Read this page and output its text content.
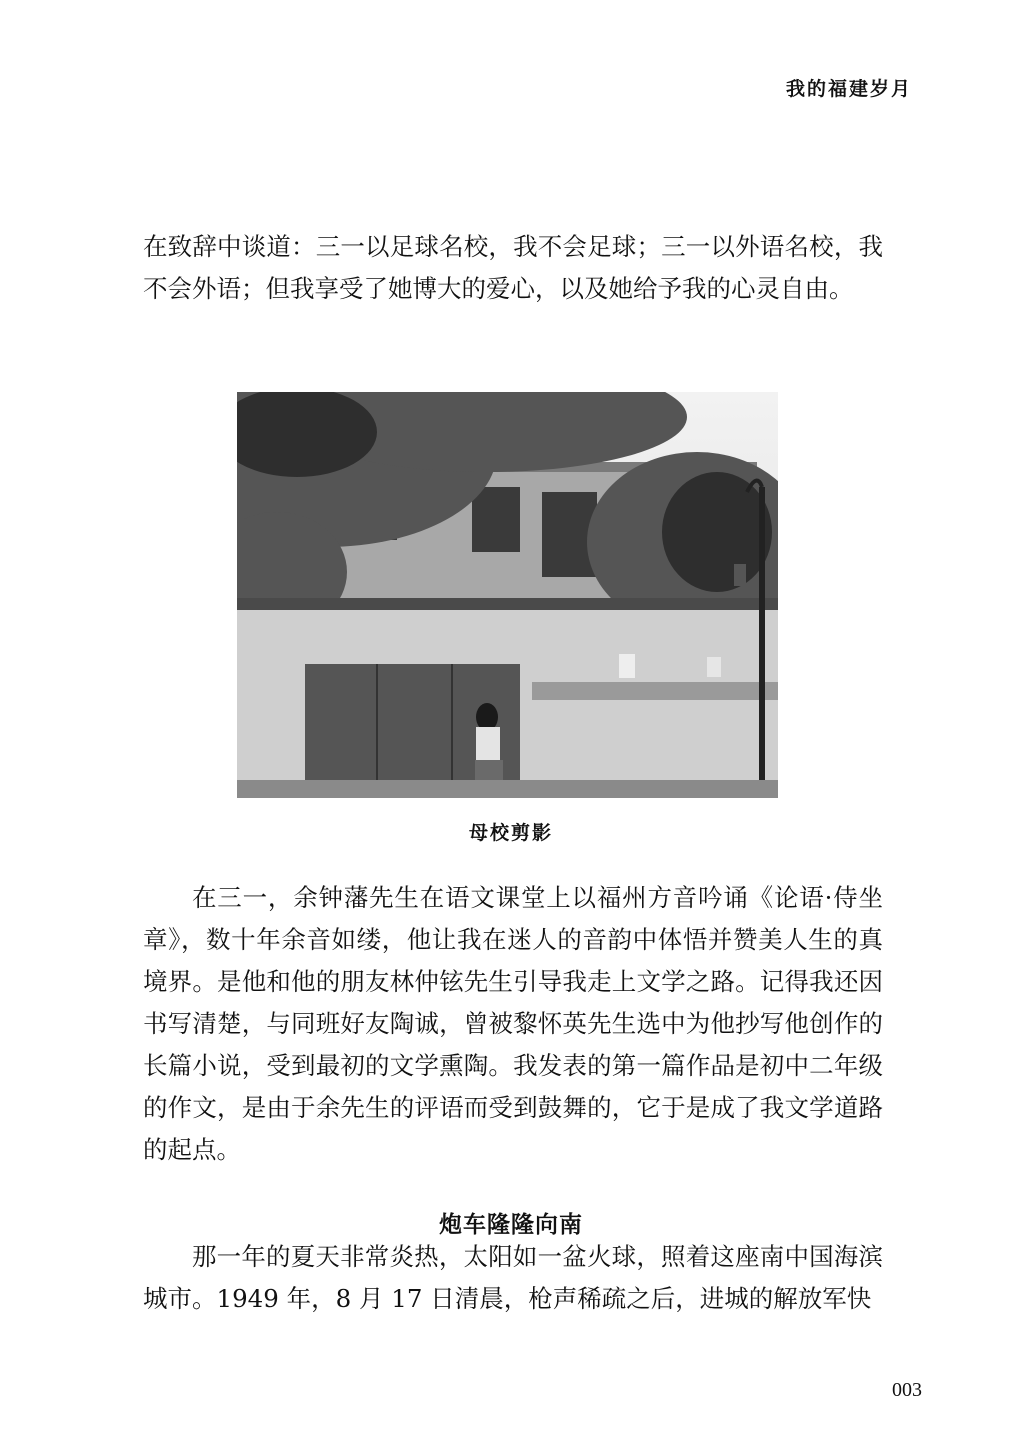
我的福建岁月

在致辞中谈道：三一以足球名校，我不会足球；三一以外语名校，我不会外语；但我享受了她博大的爱心，以及她给予我的心灵自由。

母校剪影

在三一，余钟藩先生在语文课堂上以福州方音吟诵《论语·侍坐章》，数十年余音如缕，他让我在迷人的音韵中体悟并赞美人生的真境界。是他和他的朋友林仲铉先生引导我走上文学之路。记得我还因书写清楚，与同班好友陶诚，曾被黎怀英先生选中为他抄写他创作的长篇小说，受到最初的文学熏陶。我发表的第一篇作品是初中二年级的作文，是由于余先生的评语而受到鼓舞的，它于是成了我文学道路的起点。

炮车隆隆向南

那一年的夏天非常炎热，太阳如一盆火球，照着这座南中国海滨城市。1949 年，8 月 17 日清晨，枪声稀疏之后，进城的解放军快

003
